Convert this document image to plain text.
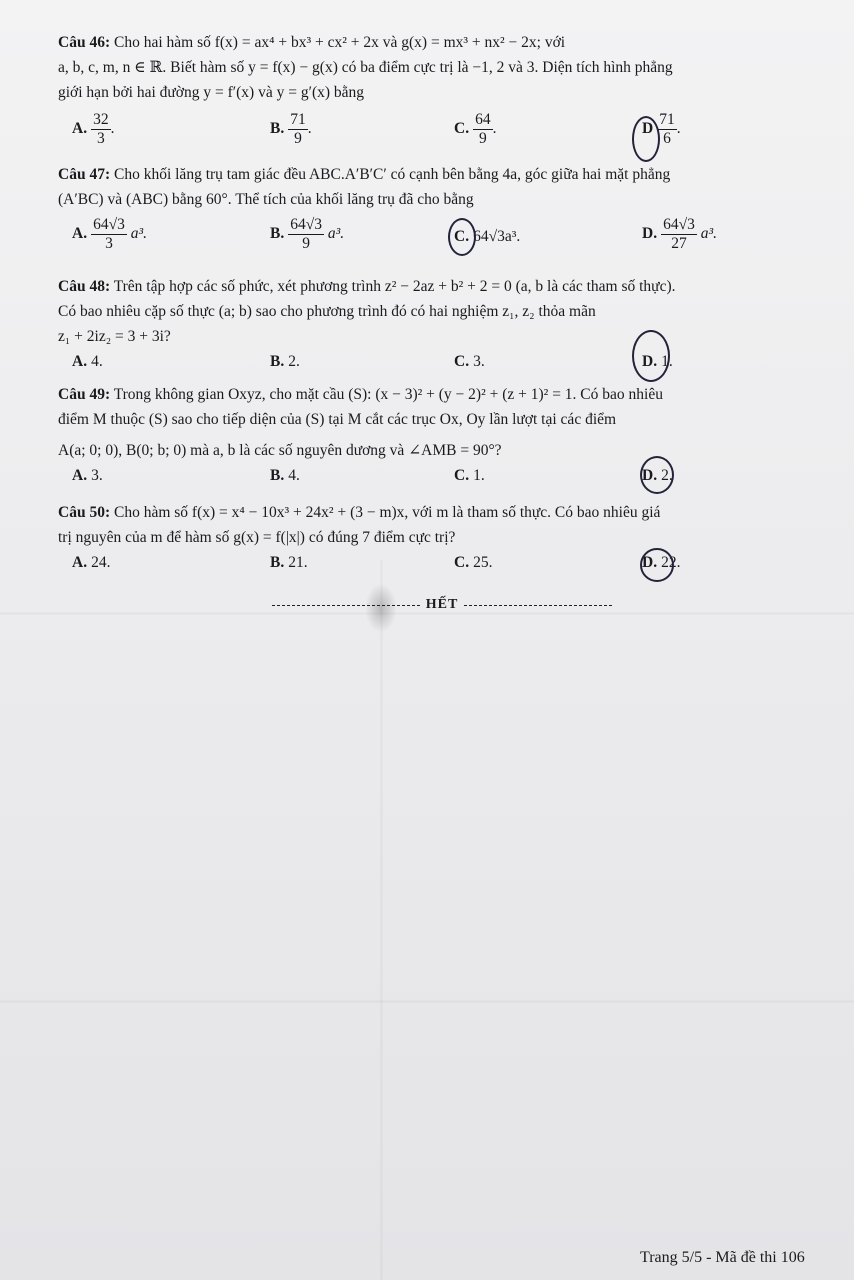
Câu 46: Cho hai hàm số f(x) = ax⁴ + bx³ + cx² + 2x và g(x) = mx³ + nx² − 2x; với

a, b, c, m, n ∈ ℝ. Biết hàm số y = f(x) − g(x) có ba điểm cực trị là −1, 2 và 3. Diện tích hình phẳng

giới hạn bởi hai đường y = f′(x) và y = g′(x) bằng

A. $\frac{32}{3}$ .	B. $\frac{71}{9}$ .	C. $\frac{64}{9}$ .	D $\frac{71}{6}$ .

Câu 47: Cho khối lăng trụ tam giác đều ABC.A′B′C′ có cạnh bên bằng 4a, góc giữa hai mặt phẳng

(A′BC) và (ABC) bằng 60°. Thể tích của khối lăng trụ đã cho bằng

A. $\frac{64√3}{3} a^3$.	B. $\frac{64√3}{9} a^3$.	C. 64√3a³.	D. $\frac{64√3}{27} a^3$.

Câu 48: Trên tập hợp các số phức, xét phương trình z² − 2az + b² + 2 = 0 (a, b là các tham số thực).

Có bao nhiêu cặp số thực (a; b) sao cho phương trình đó có hai nghiệm z₁, z₂ thỏa mãn

z₁ + 2iz₂ = 3 + 3i?

A. 4.	B. 2.	C. 3.	D. 1.

Câu 49: Trong không gian Oxyz, cho mặt cầu (S): (x − 3)² + (y − 2)² + (z + 1)² = 1. Có bao nhiêu

điểm M thuộc (S) sao cho tiếp diện của (S) tại M cắt các trục Ox, Oy lần lượt tại các điểm

A(a; 0; 0), B(0; b; 0) mà a, b là các số nguyên dương và ∠AMB = 90°?

A. 3.	B. 4.	C. 1.	D. 2.

Câu 50: Cho hàm số f(x) = x⁴ − 10x³ + 24x² + (3 − m)x, với m là tham số thực. Có bao nhiêu giá

trị nguyên của m để hàm số g(x) = f(|x|) có đúng 7 điểm cực trị?

A. 24.	B. 21.	C. 25.	D. 22.
HẾT
Trang 5/5 - Mã đề thi 106
